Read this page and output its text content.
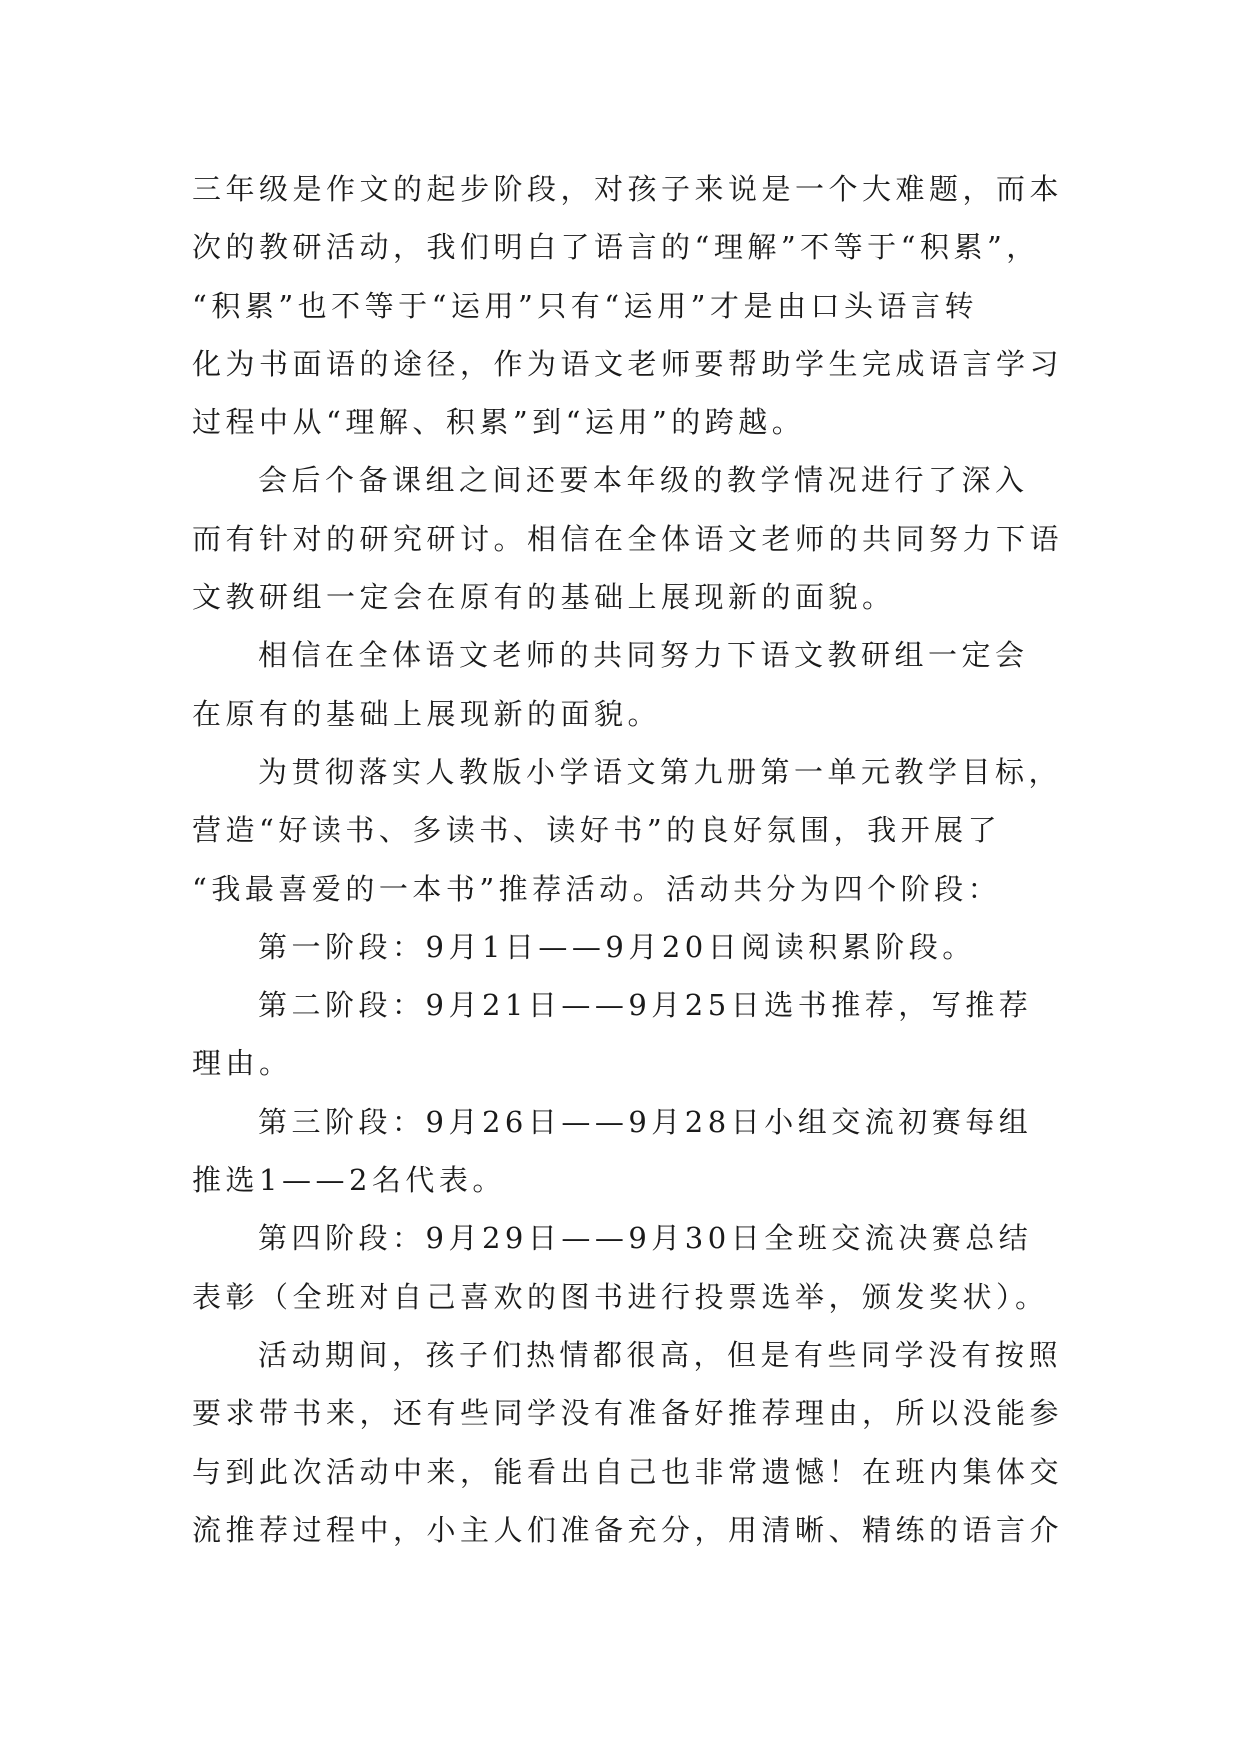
三年级是作文的起步阶段，对孩子来说是一个大难题，而本
次的教研活动，我们明白了语言的“理解”不等于“积累”，
“积累”也不等于“运用”只有“运用”才是由口头语言转
化为书面语的途径，作为语文老师要帮助学生完成语言学习
过程中从“理解、积累”到“运用”的跨越。
会后个备课组之间还要本年级的教学情况进行了深入
而有针对的研究研讨。相信在全体语文老师的共同努力下语
文教研组一定会在原有的基础上展现新的面貌。
相信在全体语文老师的共同努力下语文教研组一定会
在原有的基础上展现新的面貌。
为贯彻落实人教版小学语文第九册第一单元教学目标，
营造“好读书、多读书、读好书”的良好氛围，我开展了
“我最喜爱的一本书”推荐活动。活动共分为四个阶段：
第一阶段：9月1日——9月20日阅读积累阶段。
第二阶段：9月21日——9月25日选书推荐，写推荐
理由。
第三阶段：9月26日——9月28日小组交流初赛每组
推选1——2名代表。
第四阶段：9月29日——9月30日全班交流决赛总结
表彰（全班对自己喜欢的图书进行投票选举，颁发奖状）。
活动期间，孩子们热情都很高，但是有些同学没有按照
要求带书来，还有些同学没有准备好推荐理由，所以没能参
与到此次活动中来，能看出自己也非常遗憾！在班内集体交
流推荐过程中，小主人们准备充分，用清晰、精练的语言介
